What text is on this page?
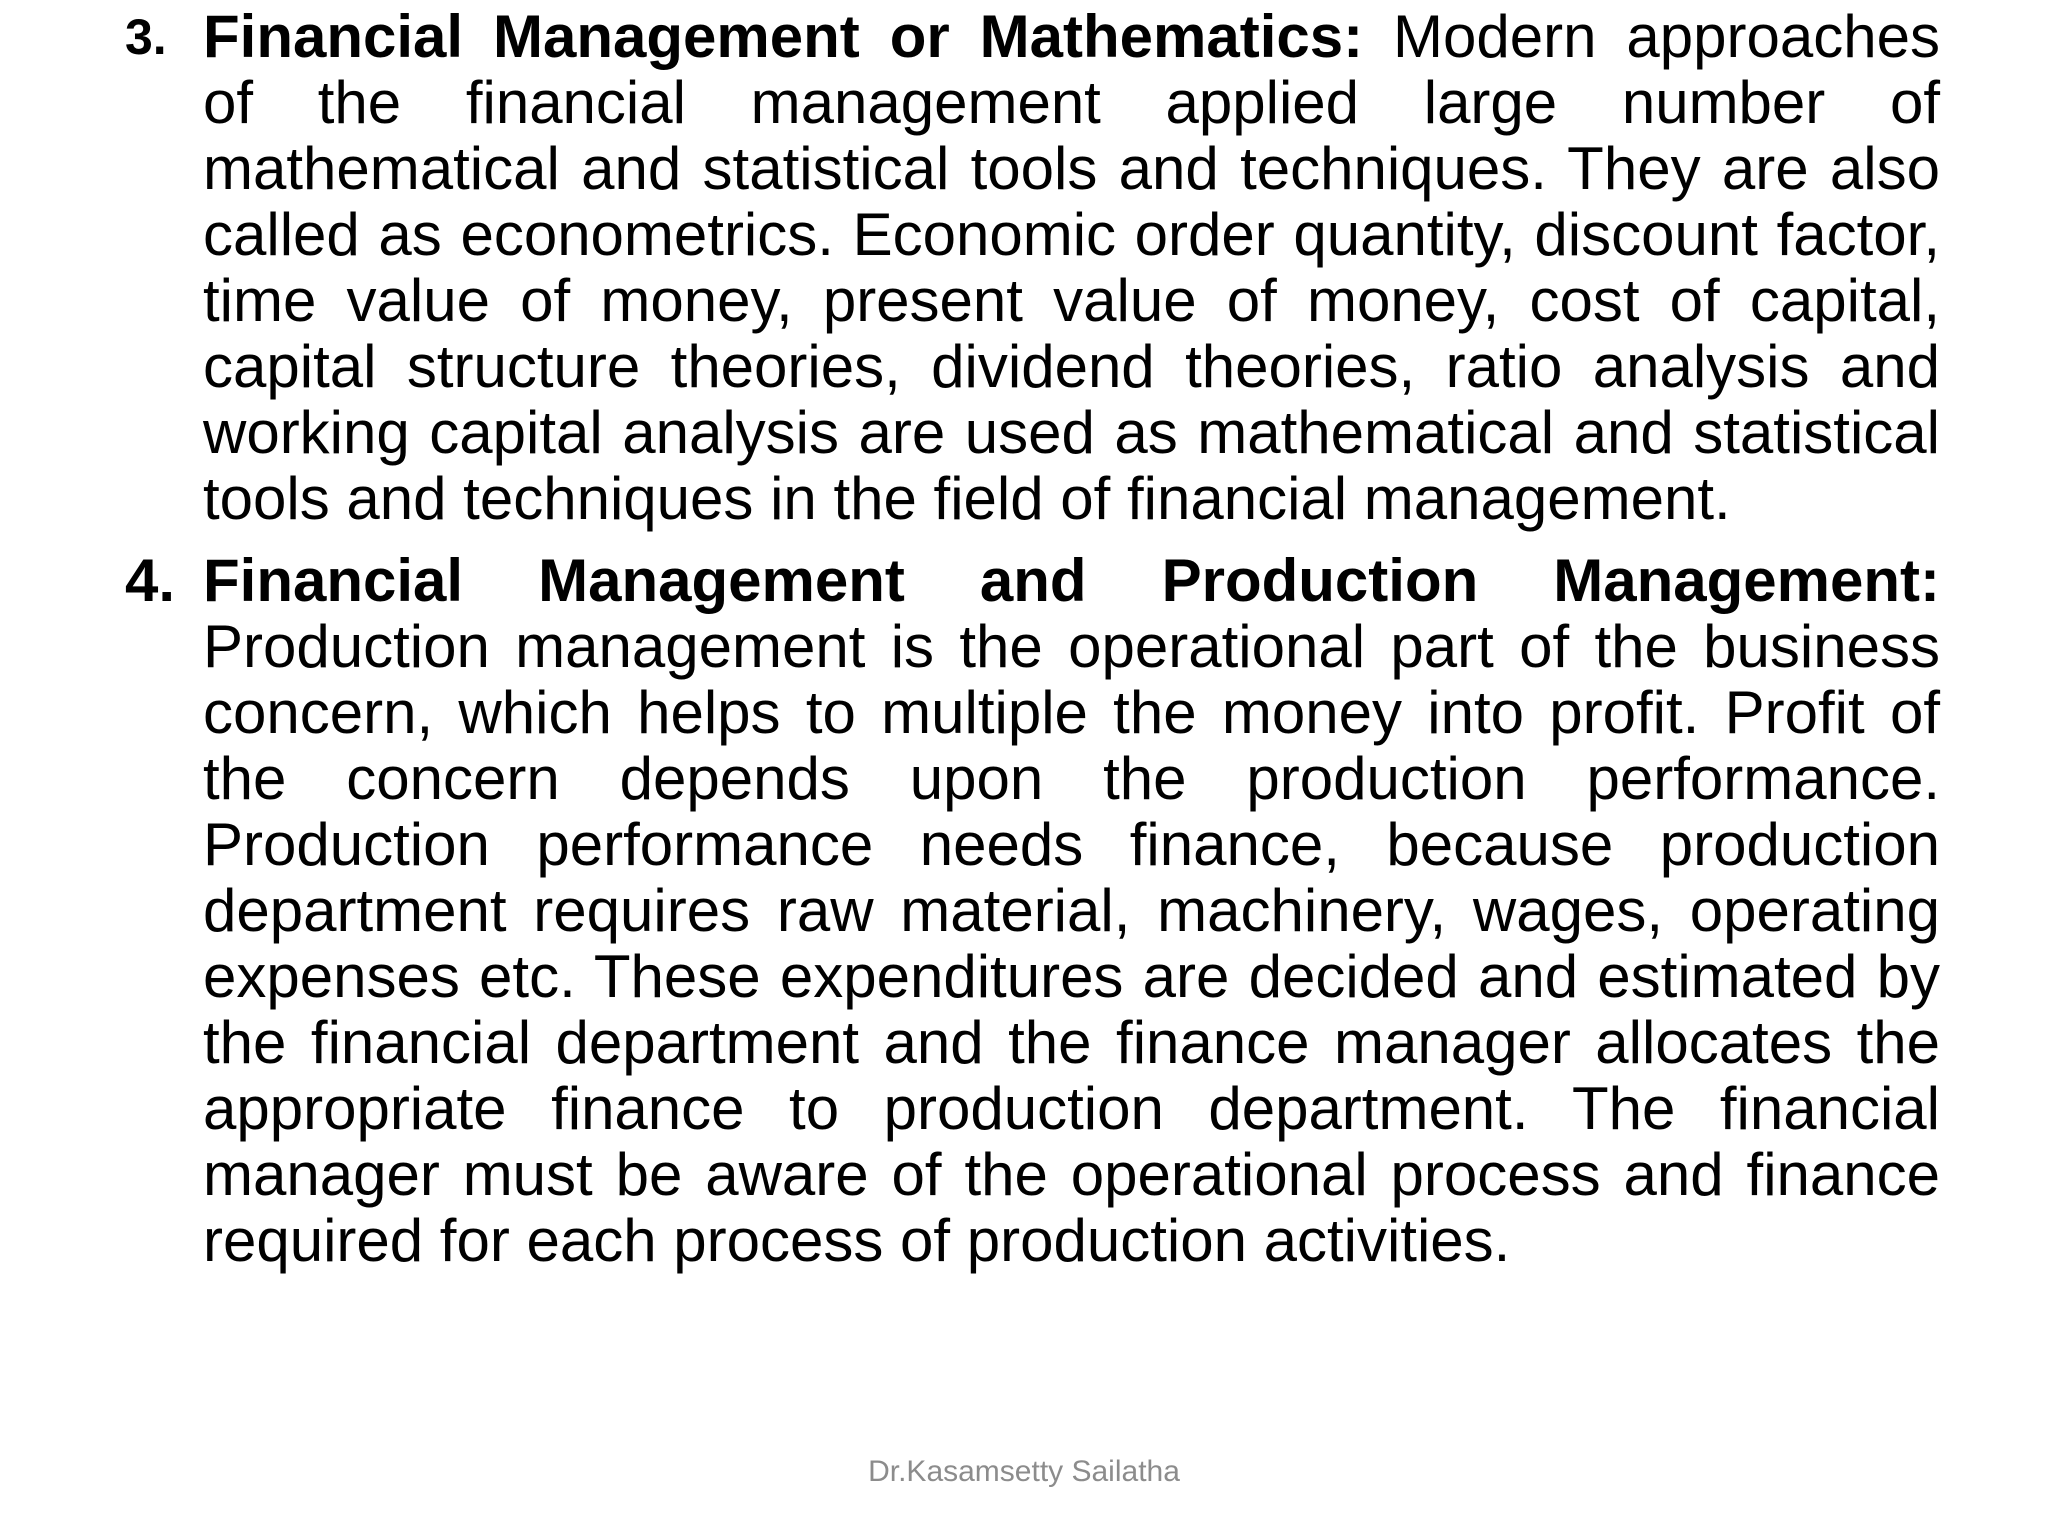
3. Financial Management or Mathematics: Modern approaches of the financial management applied large number of mathematical and statistical tools and techniques. They are also called as econometrics. Economic order quantity, discount factor, time value of money, present value of money, cost of capital, capital structure theories, dividend theories, ratio analysis and working capital analysis are used as mathematical and statistical tools and techniques in the field of financial management.
4. Financial Management and Production Management: Production management is the operational part of the business concern, which helps to multiple the money into profit. Profit of the concern depends upon the production performance. Production performance needs finance, because production department requires raw material, machinery, wages, operating expenses etc. These expenditures are decided and estimated by the financial department and the finance manager allocates the appropriate finance to production department. The financial manager must be aware of the operational process and finance required for each process of production activities.
Dr.Kasamsetty Sailatha
